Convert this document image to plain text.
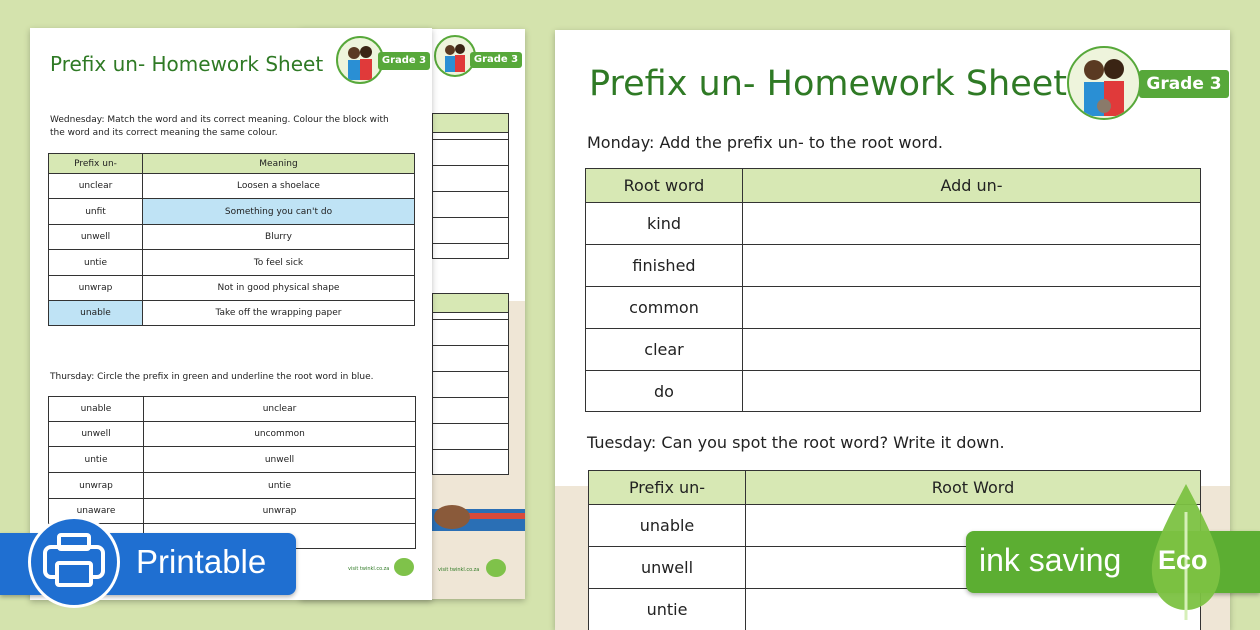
Grade 3
visit twinkl.co.za
Prefix un- Homework Sheet	Grade 3
Wednesday: Match the word and its correct meaning. Colour the block with
the word and its correct meaning the same colour.
Prefix un-	Meaning
unclear	Loosen a shoelace
unfit	Something you can't do
unwell	Blurry
untie	To feel sick
unwrap	Not in good physical shape
unable	Take off the wrapping paper
Thursday: Circle the prefix in green and underline the root word in blue.
unable	unclear
unwell	uncommon
untie	unwell
unwrap	untie
unaware	unwrap

visit twinkl.co.za
Prefix un- Homework Sheet	Grade 3
Monday: Add the prefix un- to the root word.
Root word	Add un-
kind	
finished	
common	
clear	
do	
Tuesday: Can you spot the root word? Write it down.
Prefix un-	Root Word
unable	
unwell	
untie	
Printable	ink saving Eco
